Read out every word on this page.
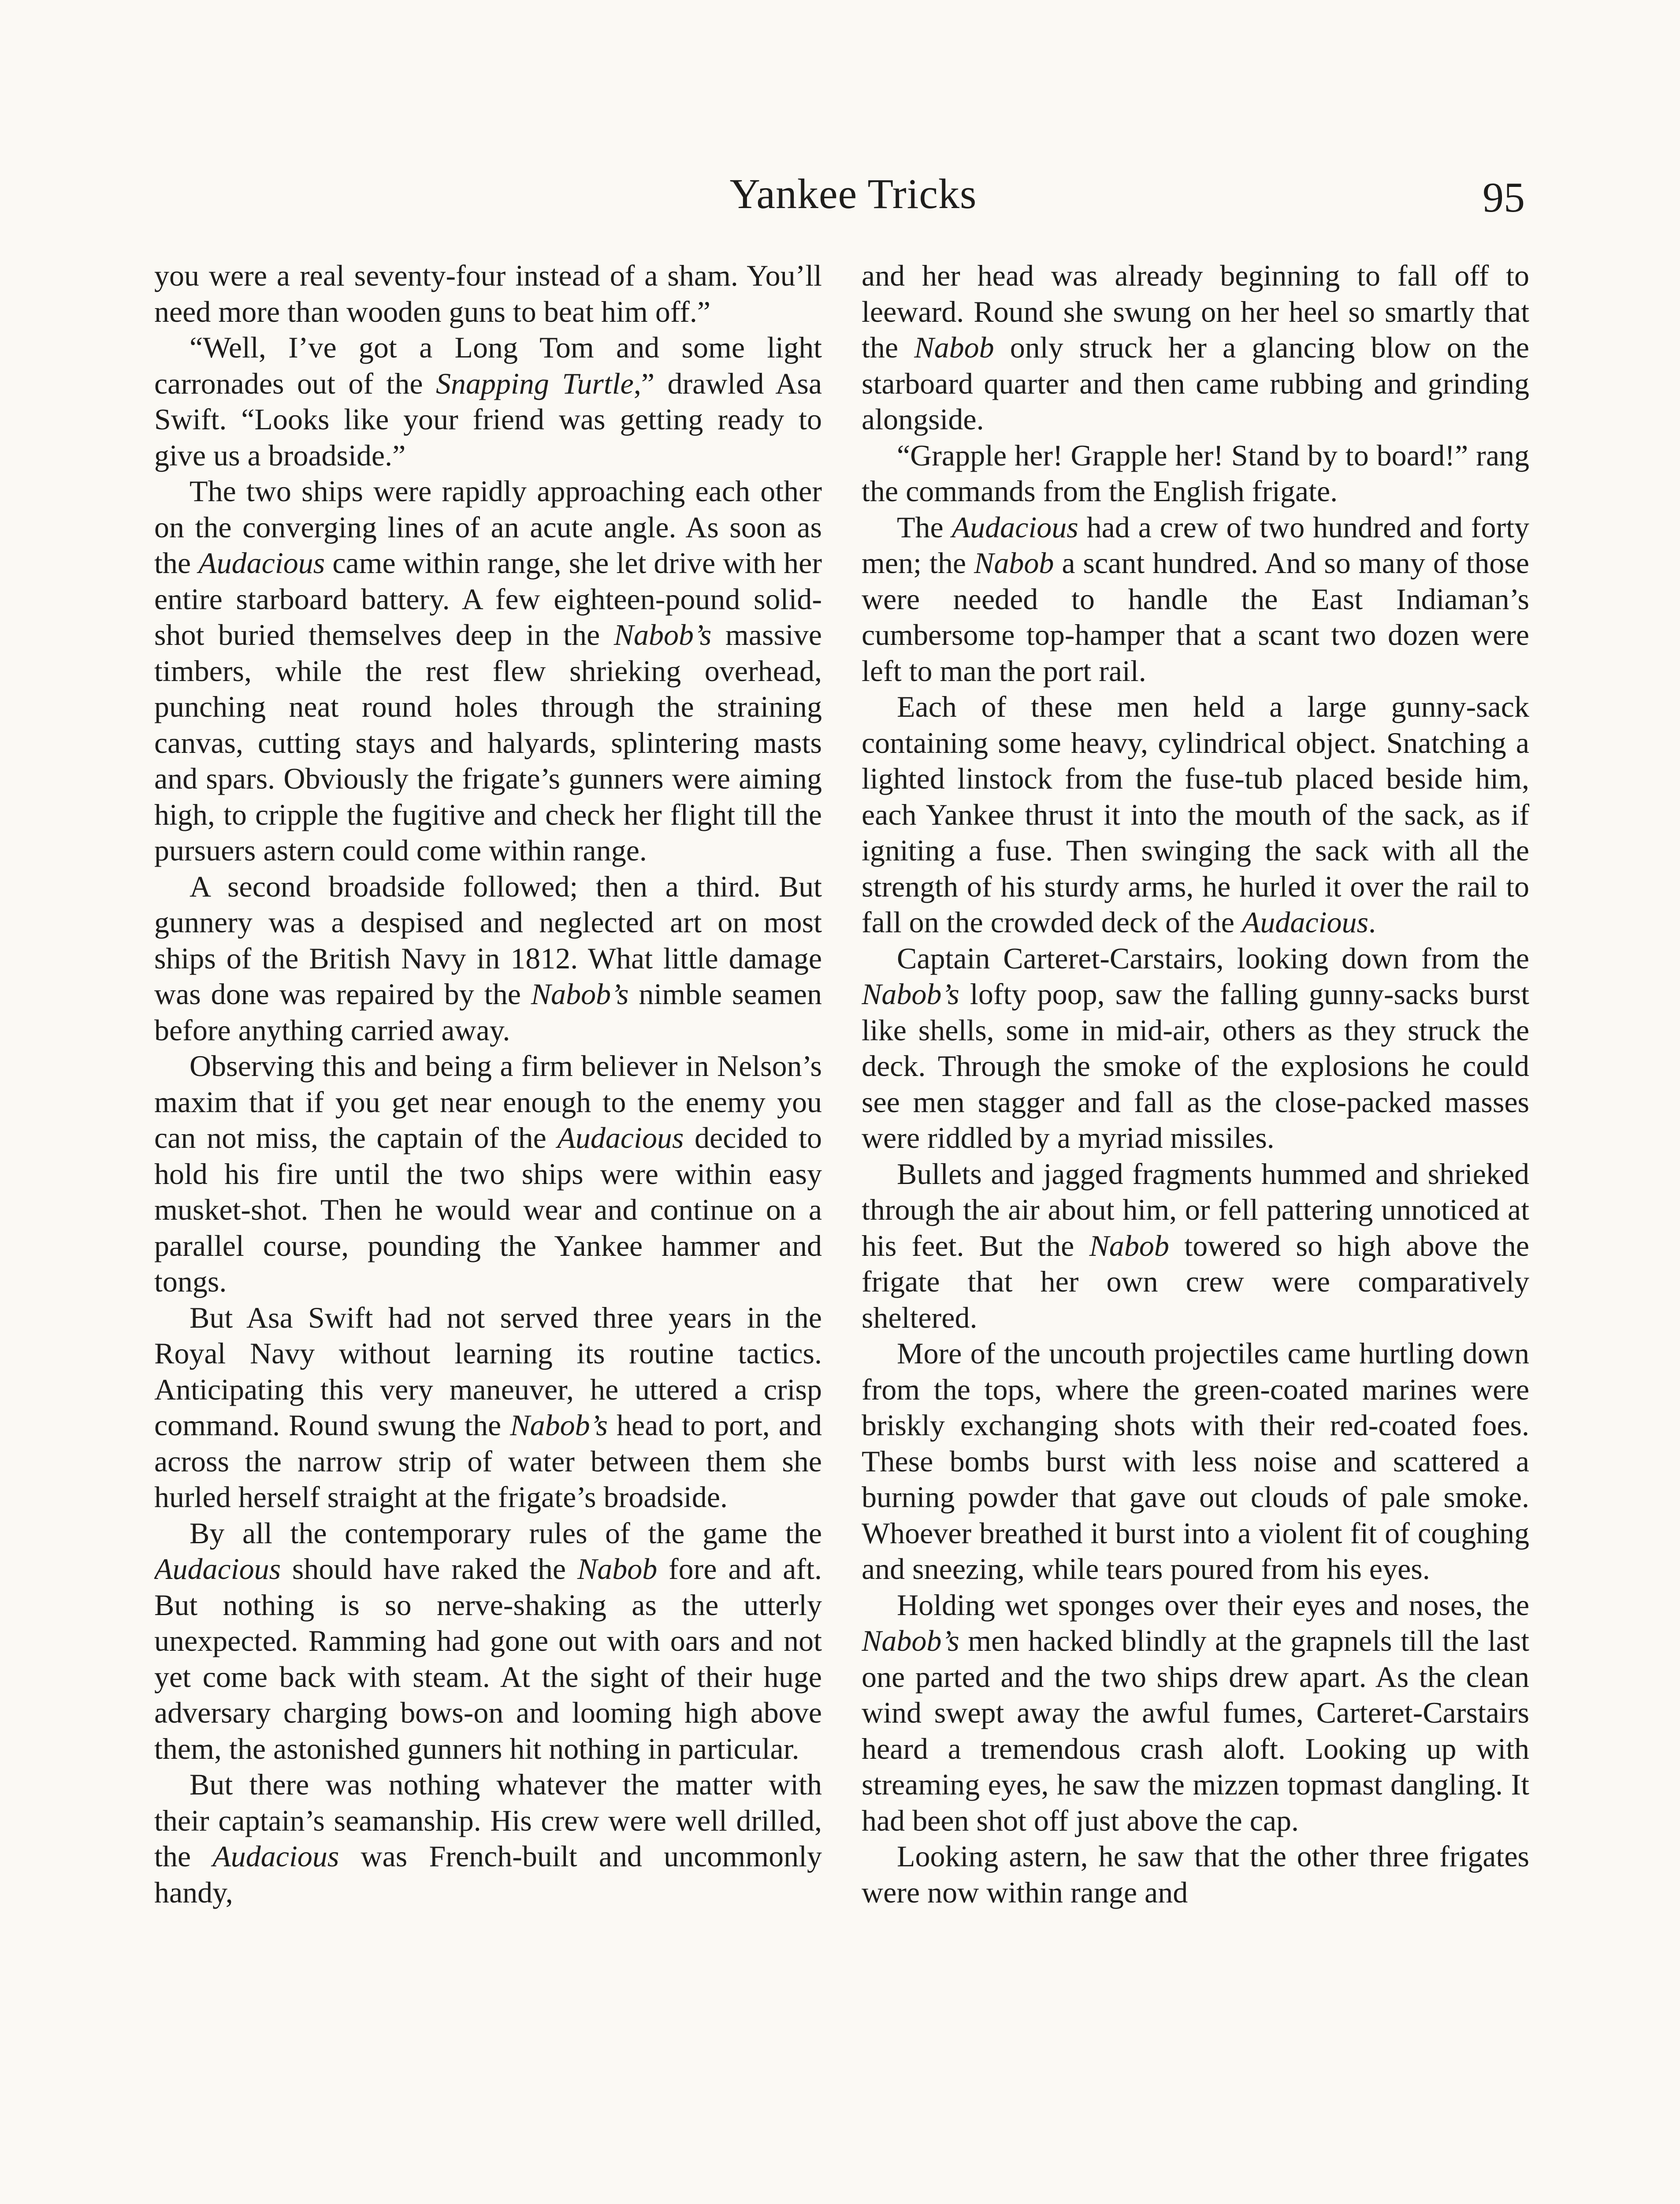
Yankee Tricks	95

you were a real seventy-four instead of a sham. You’ll need more than wooden guns to beat him off.”

“Well, I’ve got a Long Tom and some light carronades out of the Snapping Turtle,” drawled Asa Swift. “Looks like your friend was getting ready to give us a broadside.”

The two ships were rapidly approaching each other on the converging lines of an acute angle. As soon as the Audacious came within range, she let drive with her entire starboard battery. A few eighteen-pound solid-shot buried themselves deep in the Nabob’s massive timbers, while the rest flew shrieking overhead, punching neat round holes through the straining canvas, cutting stays and halyards, splintering masts and spars. Obviously the frigate’s gunners were aiming high, to cripple the fugitive and check her flight till the pursuers astern could come within range.

A second broadside followed; then a third. But gunnery was a despised and neglected art on most ships of the British Navy in 1812. What little damage was done was repaired by the Nabob’s nimble seamen before anything carried away.

Observing this and being a firm believer in Nelson’s maxim that if you get near enough to the enemy you can not miss, the captain of the Audacious decided to hold his fire until the two ships were within easy musket-shot. Then he would wear and continue on a parallel course, pounding the Yankee hammer and tongs.

But Asa Swift had not served three years in the Royal Navy without learning its routine tactics. Anticipating this very maneuver, he uttered a crisp command. Round swung the Nabob’s head to port, and across the narrow strip of water between them she hurled herself straight at the frigate’s broadside.

By all the contemporary rules of the game the Audacious should have raked the Nabob fore and aft. But nothing is so nerve-shaking as the utterly unexpected. Ramming had gone out with oars and not yet come back with steam. At the sight of their huge adversary charging bows-on and looming high above them, the astonished gunners hit nothing in particular.

But there was nothing whatever the matter with their captain’s seamanship. His crew were well drilled, the Audacious was French-built and uncommonly handy,

and her head was already beginning to fall off to leeward. Round she swung on her heel so smartly that the Nabob only struck her a glancing blow on the starboard quarter and then came rubbing and grinding alongside.

“Grapple her! Grapple her! Stand by to board!” rang the commands from the English frigate.

The Audacious had a crew of two hundred and forty men; the Nabob a scant hundred. And so many of those were needed to handle the East Indiaman’s cumbersome top-hamper that a scant two dozen were left to man the port rail.

Each of these men held a large gunny-sack containing some heavy, cylindrical object. Snatching a lighted linstock from the fuse-tub placed beside him, each Yankee thrust it into the mouth of the sack, as if igniting a fuse. Then swinging the sack with all the strength of his sturdy arms, he hurled it over the rail to fall on the crowded deck of the Audacious.

Captain Carteret-Carstairs, looking down from the Nabob’s lofty poop, saw the falling gunny-sacks burst like shells, some in mid-air, others as they struck the deck. Through the smoke of the explosions he could see men stagger and fall as the close-packed masses were riddled by a myriad missiles.

Bullets and jagged fragments hummed and shrieked through the air about him, or fell pattering unnoticed at his feet. But the Nabob towered so high above the frigate that her own crew were comparatively sheltered.

More of the uncouth projectiles came hurtling down from the tops, where the green-coated marines were briskly exchanging shots with their red-coated foes. These bombs burst with less noise and scattered a burning powder that gave out clouds of pale smoke. Whoever breathed it burst into a violent fit of coughing and sneezing, while tears poured from his eyes.

Holding wet sponges over their eyes and noses, the Nabob’s men hacked blindly at the grapnels till the last one parted and the two ships drew apart. As the clean wind swept away the awful fumes, Carteret-Carstairs heard a tremendous crash aloft. Looking up with streaming eyes, he saw the mizzen topmast dangling. It had been shot off just above the cap.

Looking astern, he saw that the other three frigates were now within range and
